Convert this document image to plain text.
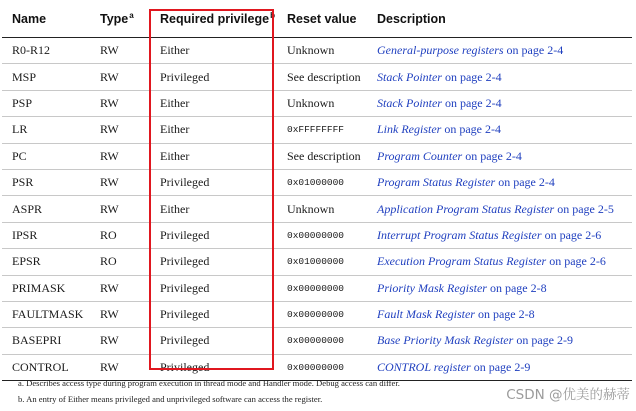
Name	Type$^a$	Required privilege$^b$	Reset value	Description
R0-R12	RW	Either	Unknown	General-purpose registers on page 2-4
MSP	RW	Privileged	See description	Stack Pointer on page 2-4
PSP	RW	Either	Unknown	Stack Pointer on page 2-4
LR	RW	Either	0xFFFFFFFF	Link Register on page 2-4
PC	RW	Either	See description	Program Counter on page 2-4
PSR	RW	Privileged	0x01000000	Program Status Register on page 2-4
ASPR	RW	Either	Unknown	Application Program Status Register on page 2-5
IPSR	RO	Privileged	0x00000000	Interrupt Program Status Register on page 2-6
EPSR	RO	Privileged	0x01000000	Execution Program Status Register on page 2-6
PRIMASK	RW	Privileged	0x00000000	Priority Mask Register on page 2-8
FAULTMASK	RW	Privileged	0x00000000	Fault Mask Register on page 2-8
BASEPRI	RW	Privileged	0x00000000	Base Priority Mask Register on page 2-9
CONTROL	RW	Privileged	0x00000000	CONTROL register on page 2-9
a. Describes access type during program execution in thread mode and Handler mode. Debug access can differ.
b. An entry of Either means privileged and unprivileged software can access the register.	CSDN @优美的赫蒂
